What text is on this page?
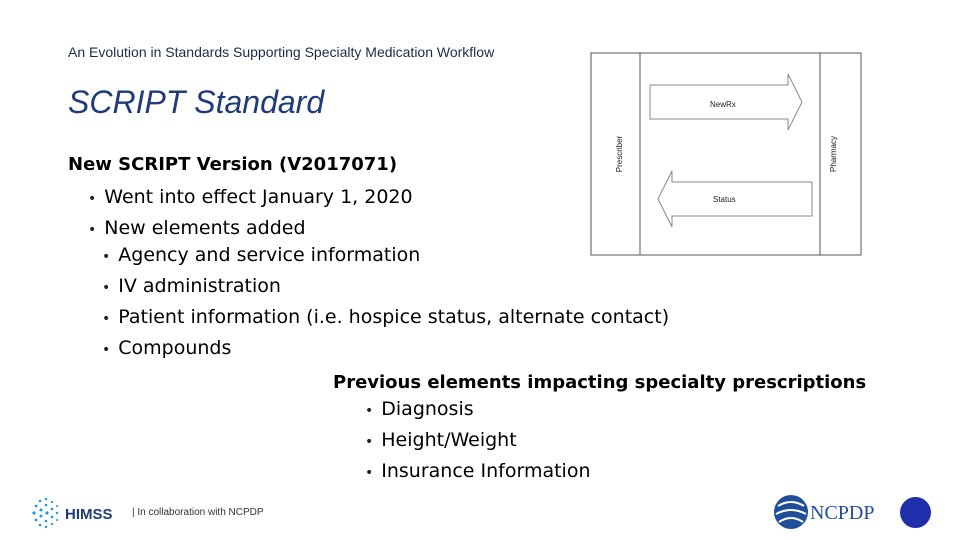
An Evolution in Standards Supporting Specialty Medication Workflow
SCRIPT Standard
New SCRIPT Version (V2017071)
• Went into effect January 1, 2020
• New elements added
• Agency and service information
• IV administration
• Patient information (i.e. hospice status, alternate contact)
• Compounds
Previous elements impacting specialty prescriptions
• Diagnosis
• Height/Weight
• Insurance Information
NewRx
Status
Prescriber	Pharmacy
HIMSS | In collaboration with NCPDP	NCPDP
